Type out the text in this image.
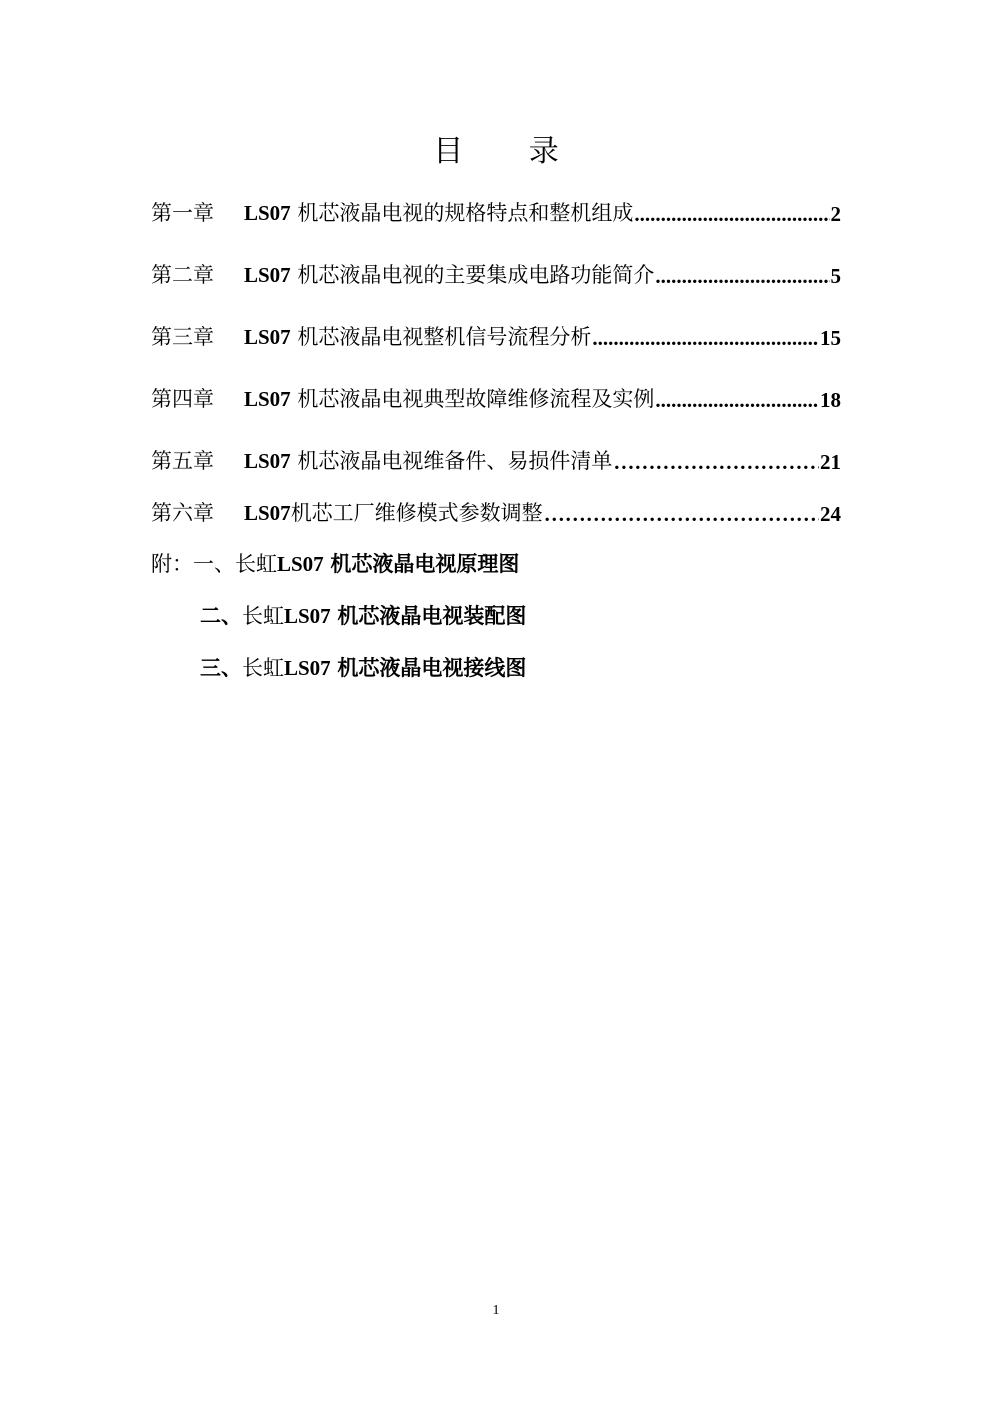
目 录
第一章	LS07 机芯液晶电视的规格特点和整机组成 .....	2
第二章	LS07 机芯液晶电视的主要集成电路功能简介 .....	5
第三章	LS07 机芯液晶电视整机信号流程分析 .....	15
第四章	LS07 机芯液晶电视典型故障维修流程及实例 .....	18
第五章	LS07 机芯液晶电视维备件、易损件清单 ……………………………………………………………………………………	21
第六章	LS07机芯工厂维修模式参数调整 ……………………………………………………………………………………	24
附：一、长虹LS07 机芯液晶电视原理图
二、长虹LS07 机芯液晶电视装配图
三、长虹LS07 机芯液晶电视接线图
1
